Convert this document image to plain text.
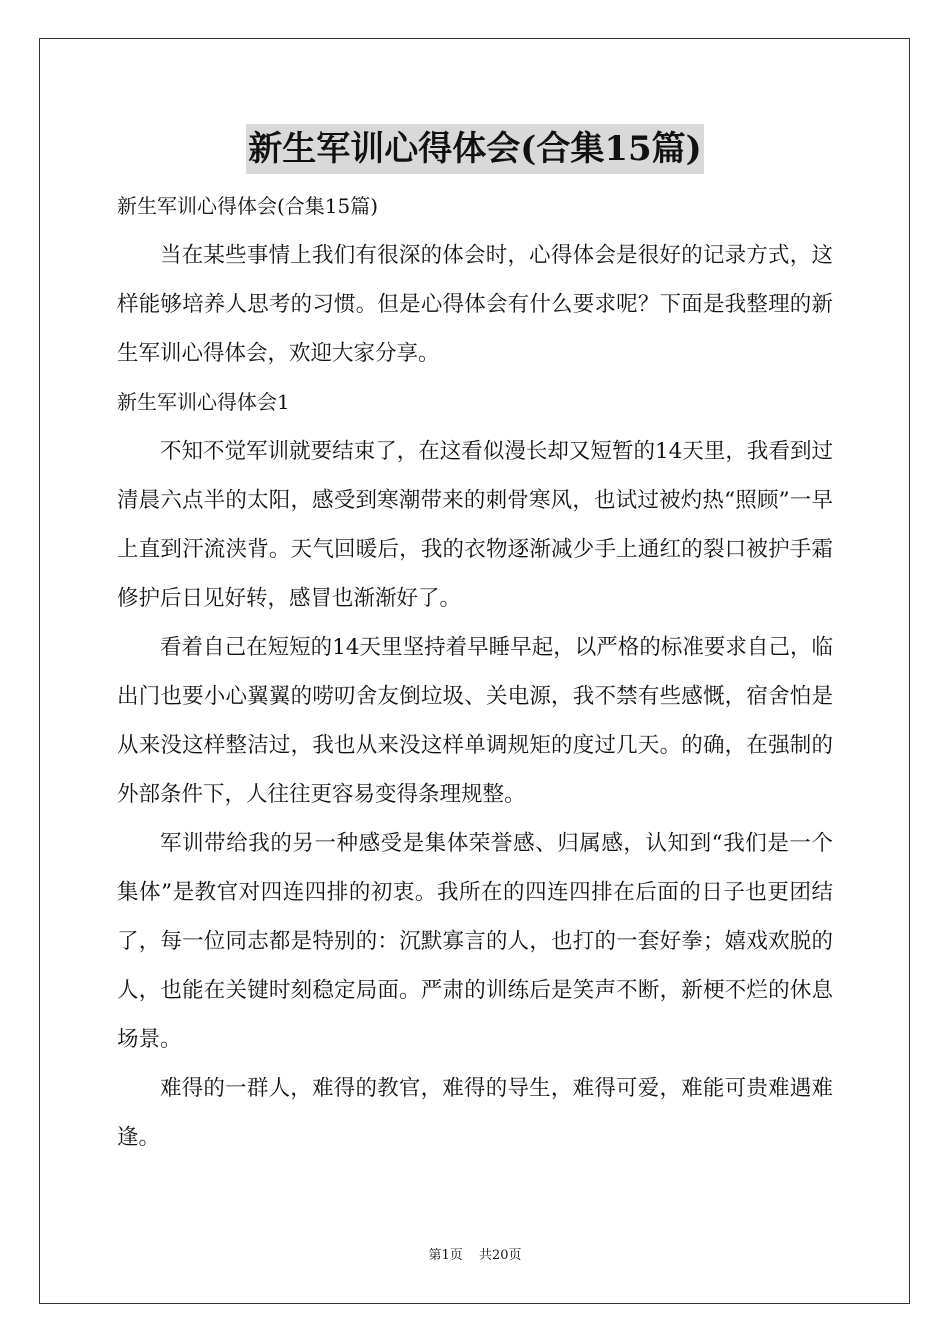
新生军训心得体会(合集15篇)

新生军训心得体会(合集15篇)

当在某些事情上我们有很深的体会时，心得体会是很好的记录方式，这样能够培养人思考的习惯。但是心得体会有什么要求呢？下面是我整理的新生军训心得体会，欢迎大家分享。

新生军训心得体会1

不知不觉军训就要结束了，在这看似漫长却又短暂的14天里，我看到过清晨六点半的太阳，感受到寒潮带来的刺骨寒风，也试过被灼热“照顾”一早上直到汗流浃背。天气回暖后，我的衣物逐渐减少手上通红的裂口被护手霜修护后日见好转，感冒也渐渐好了。

看着自己在短短的14天里坚持着早睡早起，以严格的标准要求自己，临出门也要小心翼翼的唠叨舍友倒垃圾、关电源，我不禁有些感慨，宿舍怕是从来没这样整洁过，我也从来没这样单调规矩的度过几天。的确，在强制的外部条件下，人往往更容易变得条理规整。

军训带给我的另一种感受是集体荣誉感、归属感，认知到“我们是一个集体”是教官对四连四排的初衷。我所在的四连四排在后面的日子也更团结了，每一位同志都是特别的：沉默寡言的人，也打的一套好拳；嬉戏欢脱的人，也能在关键时刻稳定局面。严肃的训练后是笑声不断，新梗不烂的休息场景。

难得的一群人，难得的教官，难得的导生，难得可爱，难能可贵难遇难逢。

第1页 共20页
